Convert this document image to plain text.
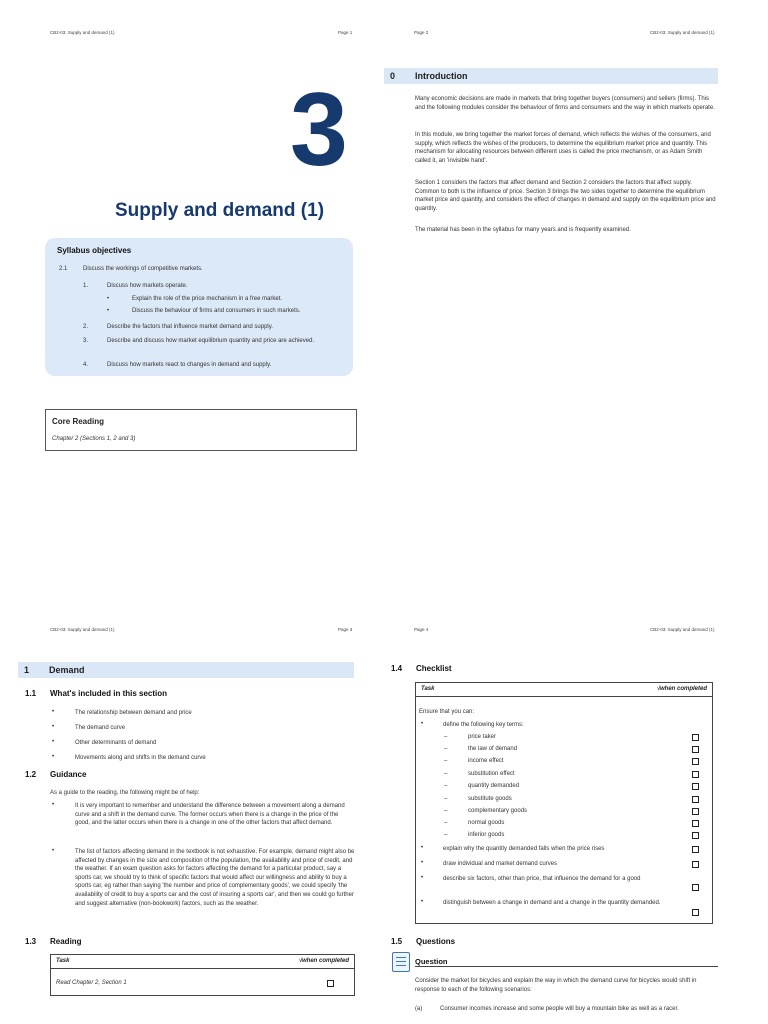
CB2-03: Supply and demand (1)	Page 1
3
Supply and demand (1)
Syllabus objectives
2.1	Discuss the workings of competitive markets.
1.	Discuss how markets operate.
•	Explain the role of the price mechanism in a free market.
•	Discuss the behaviour of firms and consumers in such markets.
2.	Describe the factors that influence market demand and supply.
3.	Describe and discuss how market equilibrium quantity and price are achieved.
4.	Discuss how markets react to changes in demand and supply.
Core Reading
Chapter 2 (Sections 1, 2 and 3)
Page 2	CB2-03: Supply and demand (1)
0 Introduction
Many economic decisions are made in markets that bring together buyers (consumers) and sellers (firms). This and the following modules consider the behaviour of firms and consumers and the way in which markets operate.
In this module, we bring together the market forces of demand, which reflects the wishes of the consumers, and supply, which reflects the wishes of the producers, to determine the equilibrium market price and quantity. This mechanism for allocating resources between different uses is called the price mechanism, or as Adam Smith called it, an 'invisible hand'.
Section 1 considers the factors that affect demand and Section 2 considers the factors that affect supply. Common to both is the influence of price. Section 3 brings the two sides together to determine the equilibrium market price and quantity, and considers the effect of changes in demand and supply on the equilibrium price and quantity.
The material has been in the syllabus for many years and is frequently examined.
CB2-03: Supply and demand (1)	Page 3
1 Demand
1.1 What's included in this section
•	The relationship between demand and price
•	The demand curve
•	Other determinants of demand
•	Movements along and shifts in the demand curve
1.2 Guidance
As a guide to the reading, the following might be of help:
•	It is very important to remember and understand the difference between a movement along a demand curve and a shift in the demand curve. The former occurs when there is a change in the price of the good, and the latter occurs when there is a change in one of the other factors that affect demand.
•	The list of factors affecting demand in the textbook is not exhaustive. For example, demand might also be affected by changes in the size and composition of the population, the availability and price of credit, and the weather. If an exam question asks for factors affecting the demand for a particular product, say a sports car, we should try to think of specific factors that would affect our willingness and ability to buy a sports car, eg rather than saying 'the number and price of complementary goods', we could specify 'the availability of credit to buy a sports car and the cost of insuring a sports car', and then we could go further and suggest alternative (non-bookwork) factors, such as the weather.
1.3 Reading
Task	√when completed
Read Chapter 2, Section 1
Page 4	CB2-03: Supply and demand (1)
1.4 Checklist
Task	√when completed
Ensure that you can:
•	define the following key terms:
–	price taker
–	the law of demand
–	income effect
–	substitution effect
–	quantity demanded
–	substitute goods
–	complementary goods
–	normal goods
–	inferior goods
•	explain why the quantity demanded falls when the price rises
•	draw individual and market demand curves
•	describe six factors, other than price, that influence the demand for a good
•	distinguish between a change in demand and a change in the quantity demanded.
1.5 Questions
Question
Consider the market for bicycles and explain the way in which the demand curve for bicycles would shift in response to each of the following scenarios:
(a)	Consumer incomes increase and some people will buy a mountain bike as well as a racer.
